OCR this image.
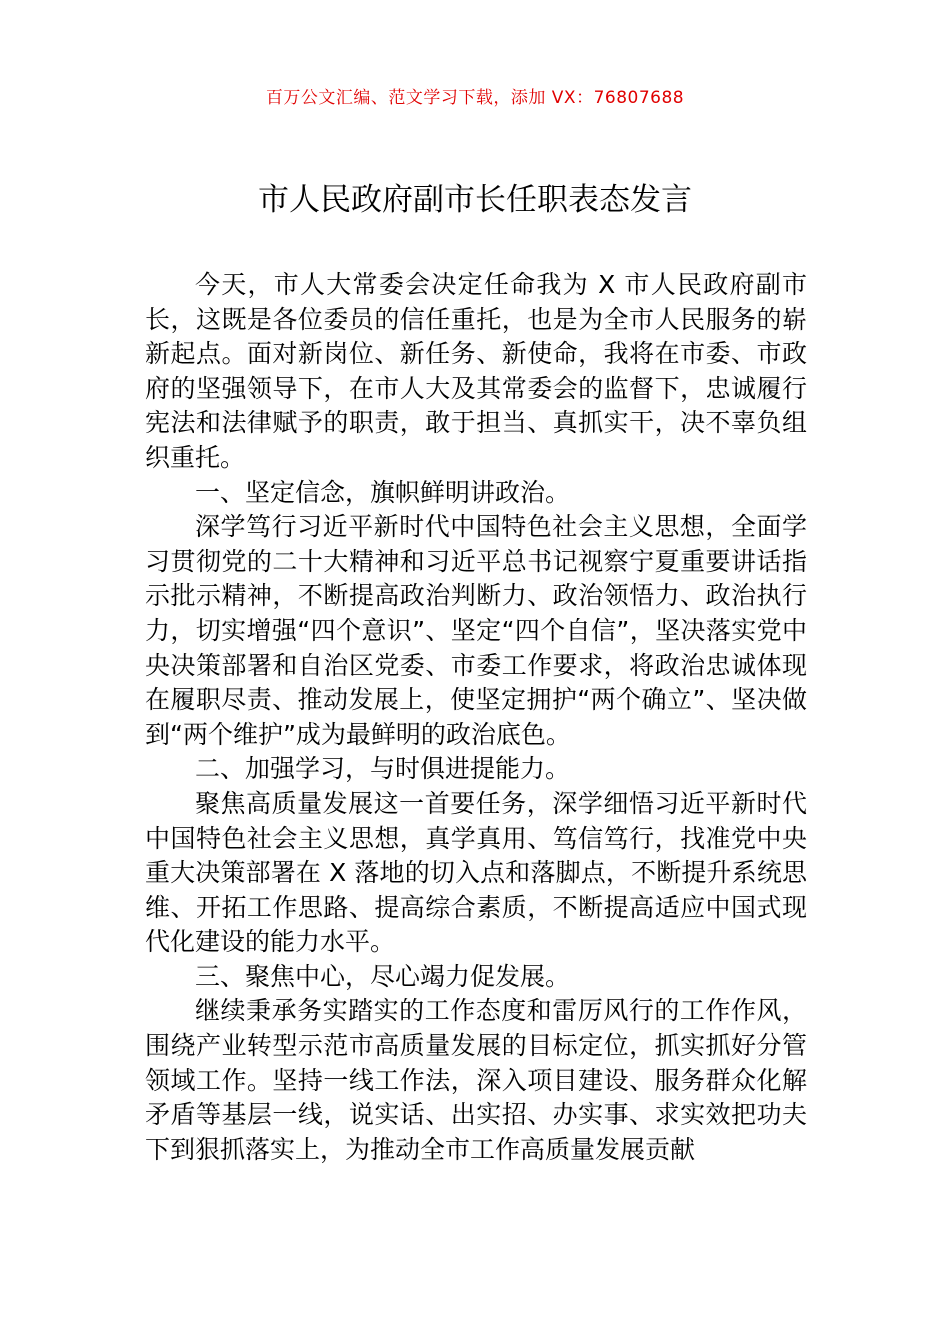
百万公文汇编、范文学习下载，添加 VX：76807688
市人民政府副市长任职表态发言

今天，市人大常委会决定任命我为 X 市人民政府副市长，这既是各位委员的信任重托，也是为全市人民服务的崭新起点。面对新岗位、新任务、新使命，我将在市委、市政府的坚强领导下，在市人大及其常委会的监督下，忠诚履行宪法和法律赋予的职责，敢于担当、真抓实干，决不辜负组织重托。

一、坚定信念，旗帜鲜明讲政治。

深学笃行习近平新时代中国特色社会主义思想，全面学习贯彻党的二十大精神和习近平总书记视察宁夏重要讲话指示批示精神，不断提高政治判断力、政治领悟力、政治执行力，切实增强“四个意识”、坚定“四个自信”，坚决落实党中央决策部署和自治区党委、市委工作要求，将政治忠诚体现在履职尽责、推动发展上，使坚定拥护“两个确立”、坚决做到“两个维护”成为最鲜明的政治底色。

二、加强学习，与时俱进提能力。

聚焦高质量发展这一首要任务，深学细悟习近平新时代中国特色社会主义思想，真学真用、笃信笃行，找准党中央重大决策部署在 X 落地的切入点和落脚点，不断提升系统思维、开拓工作思路、提高综合素质，不断提高适应中国式现代化建设的能力水平。

三、聚焦中心，尽心竭力促发展。

继续秉承务实踏实的工作态度和雷厉风行的工作作风，围绕产业转型示范市高质量发展的目标定位，抓实抓好分管领域工作。坚持一线工作法，深入项目建设、服务群众化解矛盾等基层一线，说实话、出实招、办实事、求实效把功夫下到狠抓落实上，为推动全市工作高质量发展贡献
